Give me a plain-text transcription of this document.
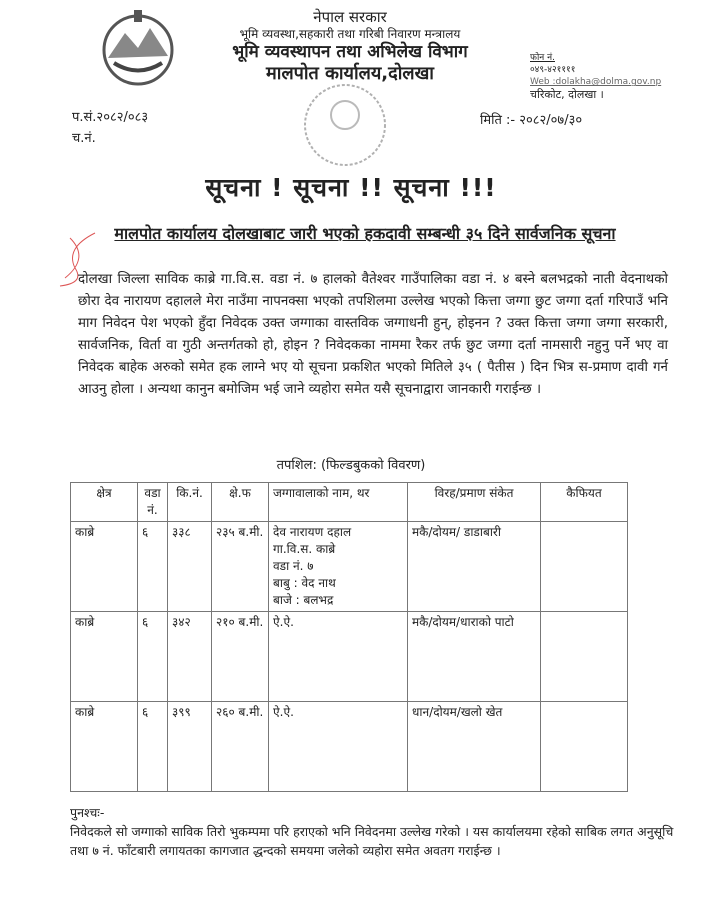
नेपाल सरकार
भूमि व्यवस्था,सहकारी तथा गरिबी निवारण मन्त्रालय
भूमि व्यवस्थापन तथा अभिलेख विभाग
मालपोत कार्यालय,दोलखा
फोन नं.
०४९-४२११११
Web :dolakha@dolma.gov.np
चरिकोट, दोलखा ।
प.सं.२०८२/०८३
च.नं.
मिति :- २०८२/०७/३०
सूचना ! सूचना !! सूचना !!!
मालपोत कार्यालय दोलखाबाट जारी भएको हकदावी सम्बन्धी ३५ दिने सार्वजनिक सूचना
दोलखा जिल्ला साविक काब्रे गा.वि.स. वडा नं. ७ हालको वैतेश्वर गाउँपालिका वडा नं. ४ बस्ने बलभद्रको नाती वेदनाथको छोरा देव नारायण दहालले मेरा नाउँमा नापनक्सा भएको तपशिलमा उल्लेख भएको कित्ता जग्गा छुट जग्गा दर्ता गरिपाउँ भनि माग निवेदन पेश भएको हुँदा निवेदक उक्त जग्गाका वास्तविक जग्गाधनी हुन्, होइनन ? उक्त कित्ता जग्गा जग्गा सरकारी, सार्वजनिक, विर्ता वा गुठी अन्तर्गतको हो, होइन ? निवेदकका नाममा रैकर तर्फ छुट जग्गा दर्ता नामसारी नहुनु पर्ने भए वा निवेदक बाहेक अरुको समेत हक लाग्ने भए यो सूचना प्रकशित भएको मितिले ३५ ( पैतीस ) दिन भित्र स-प्रमाण दावी गर्न आउनु होला । अन्यथा कानुन बमोजिम भई जाने व्यहोरा समेत यसै सूचनाद्वारा जानकारी गराईन्छ ।
तपशिल: (फिल्डबुकको विवरण)
क्षेत्र	वडा नं.	कि.नं.	क्षे.फ	जग्गावालाको नाम, थर	विरह/प्रमाण संकेत	कैफियत
काब्रे	६	३३८	२३५ ब.मी.	देव नारायण दहाल
गा.वि.स. काब्रे
वडा नं. ७
बाबु : वेद नाथ
बाजे : बलभद्र	मकै/दोयम/ डाडाबारी	
काब्रे	६	३४२	२१० ब.मी.	ऐ.ऐ.	मकै/दोयम/धाराको पाटो	
काब्रे	६	३९९	२६० ब.मी.	ऐ.ऐ.	धान/दोयम/खलो खेत	
पुनश्चः-
निवेदकले सो जग्गाको साविक तिरो भुकम्पमा परि हराएको भनि निवेदनमा उल्लेख गरेको । यस कार्यालयमा रहेको साबिक लगत अनुसूचि तथा ७ नं. फाँटबारी लगायतका कागजात द्धन्दको समयमा जलेको व्यहोरा समेत अवतग गराईन्छ ।
